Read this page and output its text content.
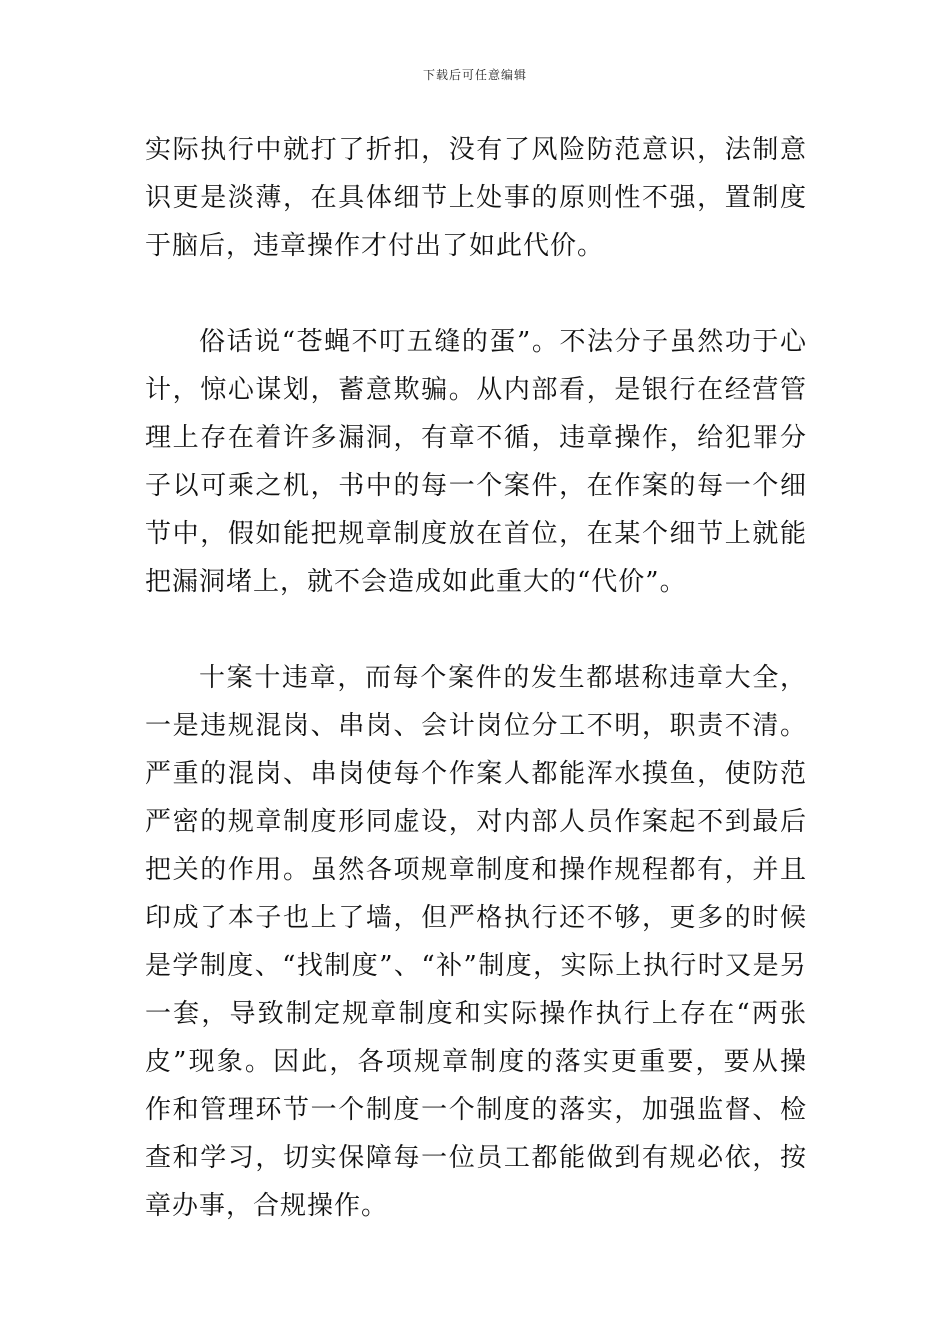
下载后可任意编辑

实际执行中就打了折扣，没有了风险防范意识，法制意识更是淡薄，在具体细节上处事的原则性不强，置制度于脑后，违章操作才付出了如此代价。

俗话说“苍蝇不叮五缝的蛋”。不法分子虽然功于心计，惊心谋划，蓄意欺骗。从内部看，是银行在经营管理上存在着许多漏洞，有章不循，违章操作，给犯罪分子以可乘之机，书中的每一个案件，在作案的每一个细节中，假如能把规章制度放在首位，在某个细节上就能把漏洞堵上，就不会造成如此重大的“代价”。

十案十违章，而每个案件的发生都堪称违章大全，一是违规混岗、串岗、会计岗位分工不明，职责不清。严重的混岗、串岗使每个作案人都能浑水摸鱼，使防范严密的规章制度形同虚设，对内部人员作案起不到最后把关的作用。虽然各项规章制度和操作规程都有，并且印成了本子也上了墙，但严格执行还不够，更多的时候是学制度、“找制度”、“补”制度，实际上执行时又是另一套，导致制定规章制度和实际操作执行上存在“两张皮”现象。因此，各项规章制度的落实更重要，要从操作和管理环节一个制度一个制度的落实，加强监督、检查和学习，切实保障每一位员工都能做到有规必依，按章办事，合规操作。
